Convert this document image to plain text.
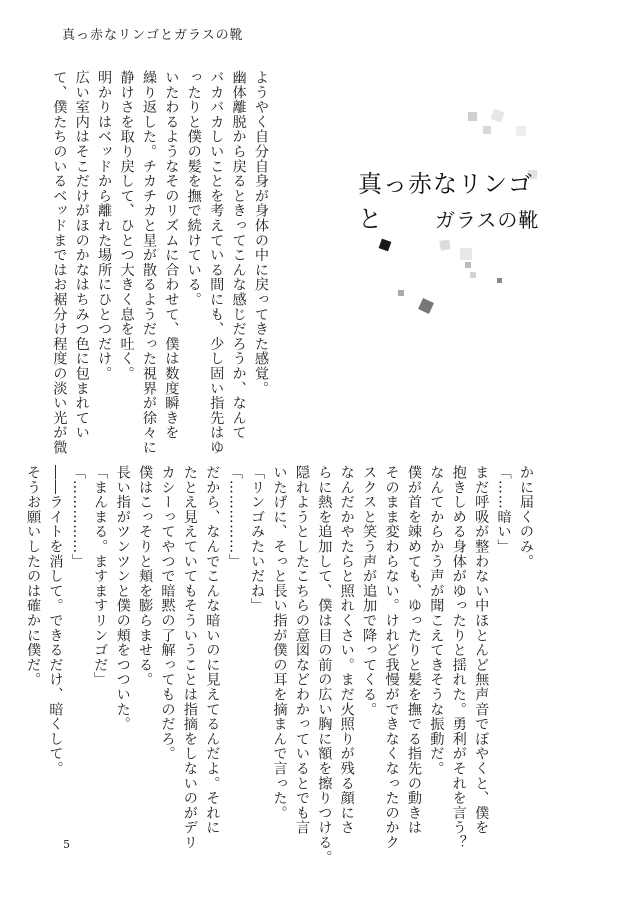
真っ赤なリンゴとガラスの靴
ようやく自分自身が身体の中に戻ってきた感覚。
幽体離脱から戻るときってこんな感じだろうか、なんて
バカバカしいことを考えている間にも、少し固い指先はゆ
ったりと僕の髪を撫で続けている。
いたわるようなそのリズムに合わせて、僕は数度瞬きを
繰り返した。チカチカと星が散るようだった視界が徐々に
静けさを取り戻して、ひとつ大きく息を吐く。
明かりはベッドから離れた場所にひとつだけ。
広い室内はそこだけがほのかなはちみつ色に包まれてい
て、僕たちのいるベッドまではお裾分け程度の淡い光が微	真っ赤なリンゴと	ガラスの靴
かに届くのみ。
「……暗い」
まだ呼吸が整わない中ほとんど無声音でぼやくと、僕を
抱きしめる身体がゆったりと揺れた。勇利がそれを言う？
なんてからかう声が聞こえてきそうな振動だ。
僕が首を竦めても、ゆったりと髪を撫でる指先の動きは
そのまま変わらない。けれど我慢ができなくなったのかク
スクスと笑う声が追加で降ってくる。
なんだかやたらと照れくさい。まだ火照りが残る顔にさ
らに熱を追加して、僕は目の前の広い胸に額を擦りつける。
隠れようとしたこちらの意図などわかっているとでも言
いたげに、そっと長い指が僕の耳を摘まんで言った。
「リンゴみたいだね」
「……………」
だから、なんでこんな暗いのに見えてるんだよ。それに
たとえ見えていてもそういうことは指摘をしないのがデリ
カシーってやつで暗黙の了解ってものだろ。
僕はこっそりと頬を膨らませる。
長い指がツンツンと僕の頬をつついた。
「まんまる。ますますリンゴだ」
「……………」
――ライトを消して。できるだけ、暗くして。
そうお願いしたのは確かに僕だ。
5
